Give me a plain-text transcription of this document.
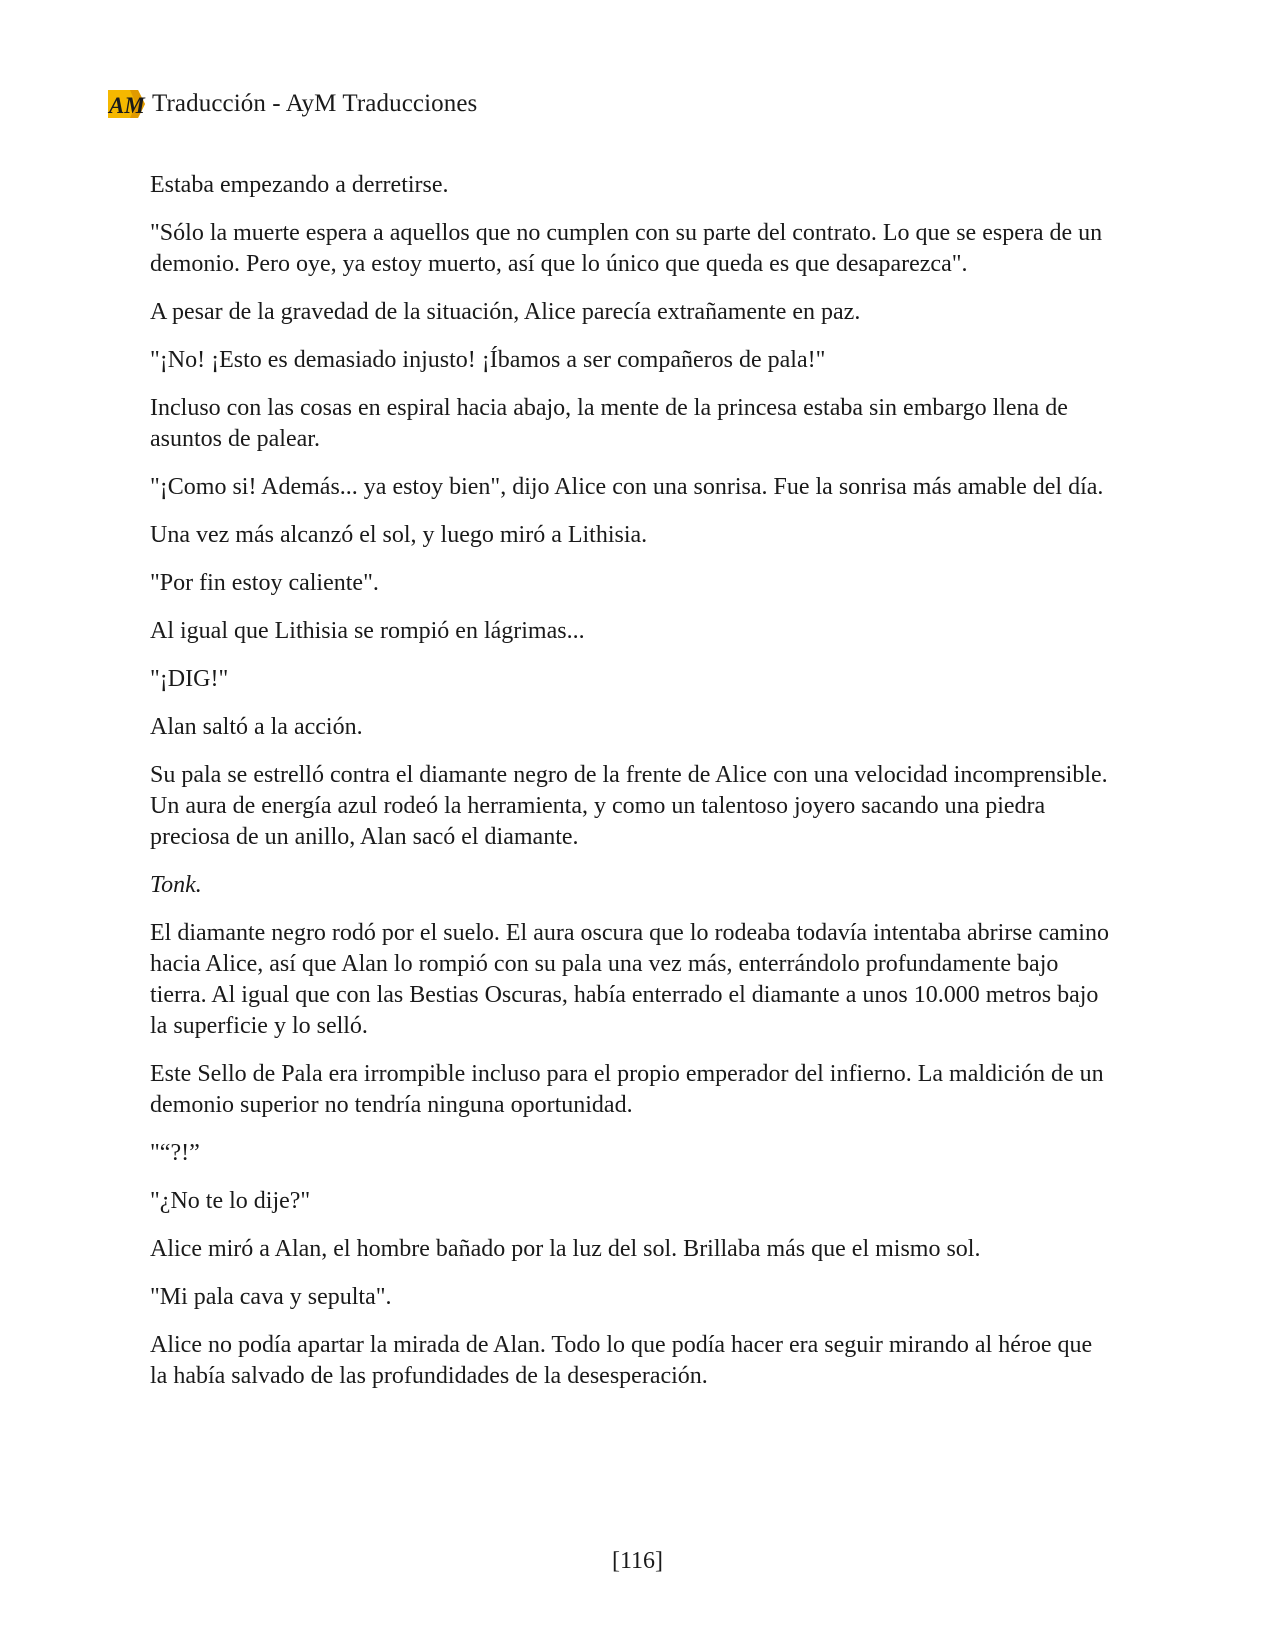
AM Traducción - AyM Traducciones

Estaba empezando a derretirse.

"Sólo la muerte espera a aquellos que no cumplen con su parte del contrato. Lo que se espera de un demonio. Pero oye, ya estoy muerto, así que lo único que queda es que desaparezca".

A pesar de la gravedad de la situación, Alice parecía extrañamente en paz.

"¡No! ¡Esto es demasiado injusto! ¡Íbamos a ser compañeros de pala!"

Incluso con las cosas en espiral hacia abajo, la mente de la princesa estaba sin embargo llena de asuntos de palear.

"¡Como si! Además... ya estoy bien", dijo Alice con una sonrisa. Fue la sonrisa más amable del día.

Una vez más alcanzó el sol, y luego miró a Lithisia.

"Por fin estoy caliente".

Al igual que Lithisia se rompió en lágrimas...

"¡DIG!"

Alan saltó a la acción.

Su pala se estrelló contra el diamante negro de la frente de Alice con una velocidad incomprensible. Un aura de energía azul rodeó la herramienta, y como un talentoso joyero sacando una piedra preciosa de un anillo, Alan sacó el diamante.

Tonk.

El diamante negro rodó por el suelo. El aura oscura que lo rodeaba todavía intentaba abrirse camino hacia Alice, así que Alan lo rompió con su pala una vez más, enterrándolo profundamente bajo tierra. Al igual que con las Bestias Oscuras, había enterrado el diamante a unos 10.000 metros bajo la superficie y lo selló.

Este Sello de Pala era irrompible incluso para el propio emperador del infierno. La maldición de un demonio superior no tendría ninguna oportunidad.

"“?!”

"¿No te lo dije?"

Alice miró a Alan, el hombre bañado por la luz del sol. Brillaba más que el mismo sol.

"Mi pala cava y sepulta".

Alice no podía apartar la mirada de Alan. Todo lo que podía hacer era seguir mirando al héroe que la había salvado de las profundidades de la desesperación.

[116]
